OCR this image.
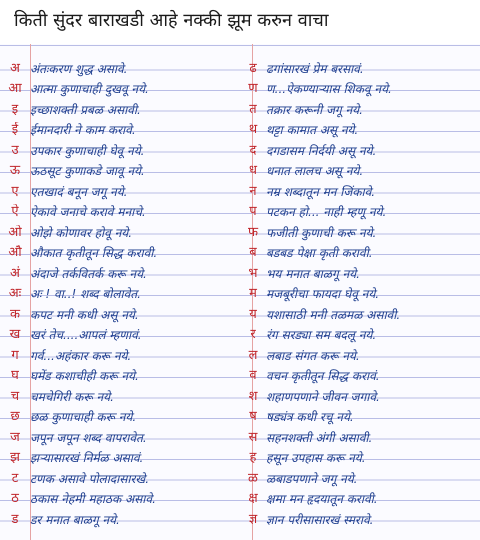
किती सुंदर बाराखडी आहे नक्की झूम करुन वाचा
अ अंतःकरण शुद्ध असावे.	ढ ढगांसारखं प्रेम बरसावं.
आ आत्मा कुणाचाही दुखवू नये.	ण ण...ऐकण्याऱ्यास शिकवू नये.
इ इच्छाशक्ती प्रबळ असावी.	त तक्रार करूनी जगू नये.
ई ईमानदारी ने काम करावे.	थ थट्टा कामात असू नये.
उ उपकार कुणाचाही घेवू नये.	द दगडासम निर्दयी असू नये.
ऊ ऊठसूट कुणाकडे जावू नये.	ध धनात लालच असू नये.
ए एतखादं बनून जगू नये.	न नम्र शब्दातून मन जिंकावे.
ऐ ऐकावे जनाचे करावे मनाचे.	प पटकन हो... नाही म्हणू नये.
ओ ओझे कोणावर होवू नये.	फ फजीती कुणाची करू नये.
औ औकात कृतीतून सिद्ध करावी.	ब बडबड पेक्षा कृती करावी.
अं अंदाजे तर्कवितर्क करू नये.	भ भय मनात बाळगू नये.
अः अः ! वा..! शब्द बोलावेत.	म मजबूरीचा फायदा घेवू नये.
क कपट मनी कधी असू नये.	य यशासाठी मनी तळमळ असावी.
ख खरं तेच....आपलं म्हणावं.	र रंग सरड्या सम बदलू नये.
ग गर्व...अहंकार करू नये.	ल लबाड संगत करू नये.
घ घमेंड कशाचीही करू नये.	व वचन कृतीतून सिद्ध करावं.
च चमचेगिरी करू नये.	श शहाणपणाने जीवन जगावे.
छ छळ कुणाचाही करू नये.	ष षड्यंत्र कधी रचू नये.
ज जपून जपून शब्द वापरावेत.	स सहनशक्ती अंगी असावी.
झ झऱ्यासारखं निर्मळ असावं.	ह हसून उपहास करू नये.
ट टणक असावे पोलादासारखे.	ळ ळबाडपणाने जगू नये.
ठ ठकास नेहमी महाठक असावे.	क्ष क्षमा मन हृदयातून करावी.
ड डर मनात बाळगू नये.	ज्ञ ज्ञान परीसासारखं स्मरावे.
